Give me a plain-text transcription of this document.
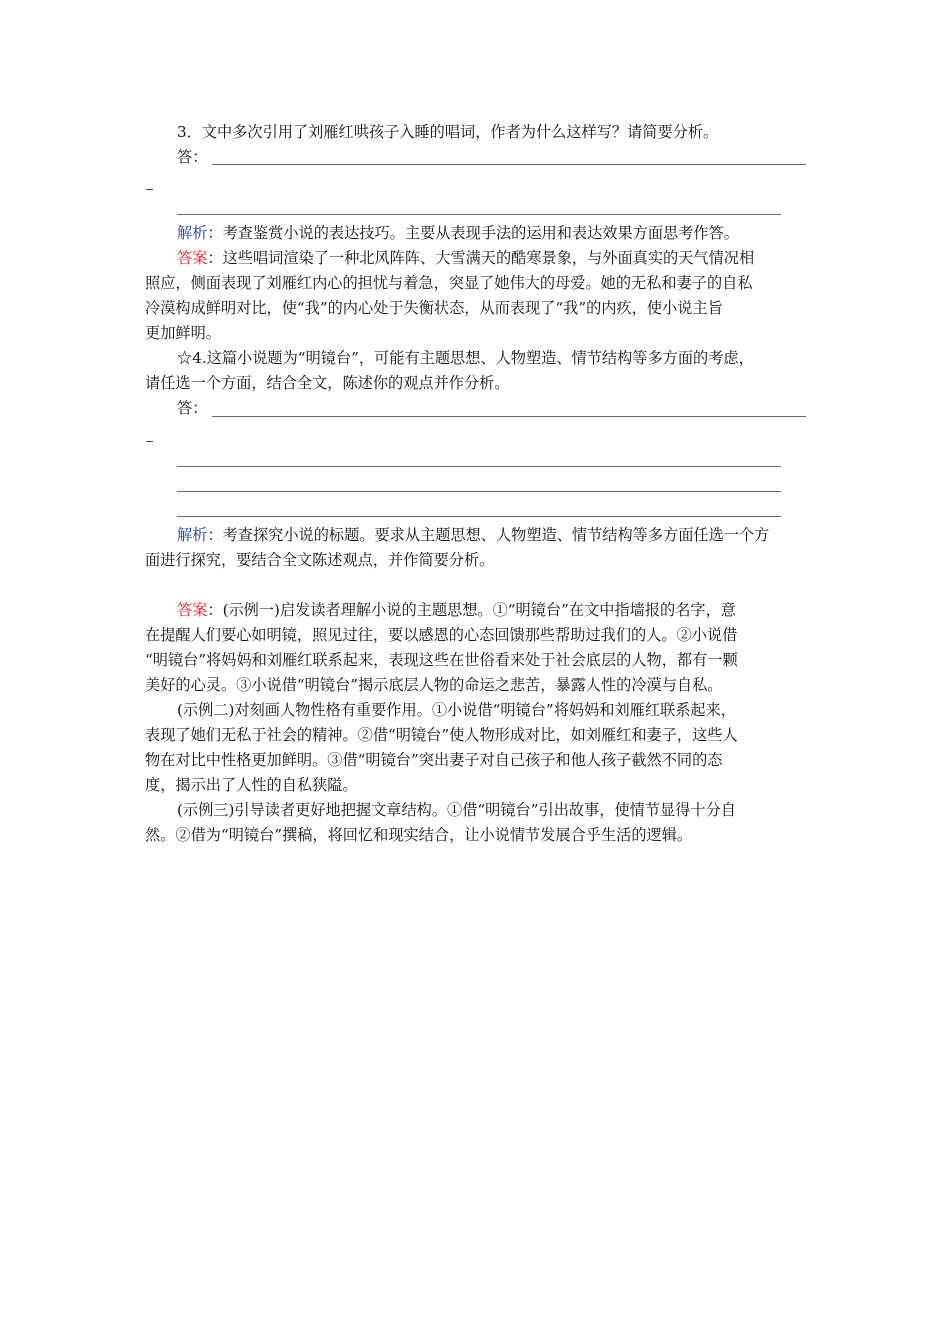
3．文中多次引用了刘雁红哄孩子入睡的唱词，作者为什么这样写？请简要分析。
答：
解析：考查鉴赏小说的表达技巧。主要从表现手法的运用和表达效果方面思考作答。
答案：这些唱词渲染了一种北风阵阵、大雪满天的酷寒景象，与外面真实的天气情况相
照应，侧面表现了刘雁红内心的担忧与着急，突显了她伟大的母爱。她的无私和妻子的自私
冷漠构成鲜明对比，使“我”的内心处于失衡状态，从而表现了“我”的内疚，使小说主旨
更加鲜明。
☆4.这篇小说题为“明镜台”，可能有主题思想、人物塑造、情节结构等多方面的考虑，
请任选一个方面，结合全文，陈述你的观点并作分析。
答：
解析：考查探究小说的标题。要求从主题思想、人物塑造、情节结构等多方面任选一个方
面进行探究，要结合全文陈述观点，并作简要分析。
答案：(示例一)启发读者理解小说的主题思想。①“明镜台”在文中指墙报的名字，意
在提醒人们要心如明镜，照见过往，要以感恩的心态回馈那些帮助过我们的人。②小说借
“明镜台”将妈妈和刘雁红联系起来，表现这些在世俗看来处于社会底层的人物，都有一颗
美好的心灵。③小说借“明镜台”揭示底层人物的命运之悲苦，暴露人性的冷漠与自私。
(示例二)对刻画人物性格有重要作用。①小说借“明镜台”将妈妈和刘雁红联系起来，
表现了她们无私于社会的精神。②借“明镜台”使人物形成对比，如刘雁红和妻子，这些人
物在对比中性格更加鲜明。③借“明镜台”突出妻子对自己孩子和他人孩子截然不同的态
度，揭示出了人性的自私狭隘。
(示例三)引导读者更好地把握文章结构。①借“明镜台”引出故事，使情节显得十分自
然。②借为“明镜台”撰稿，将回忆和现实结合，让小说情节发展合乎生活的逻辑。
